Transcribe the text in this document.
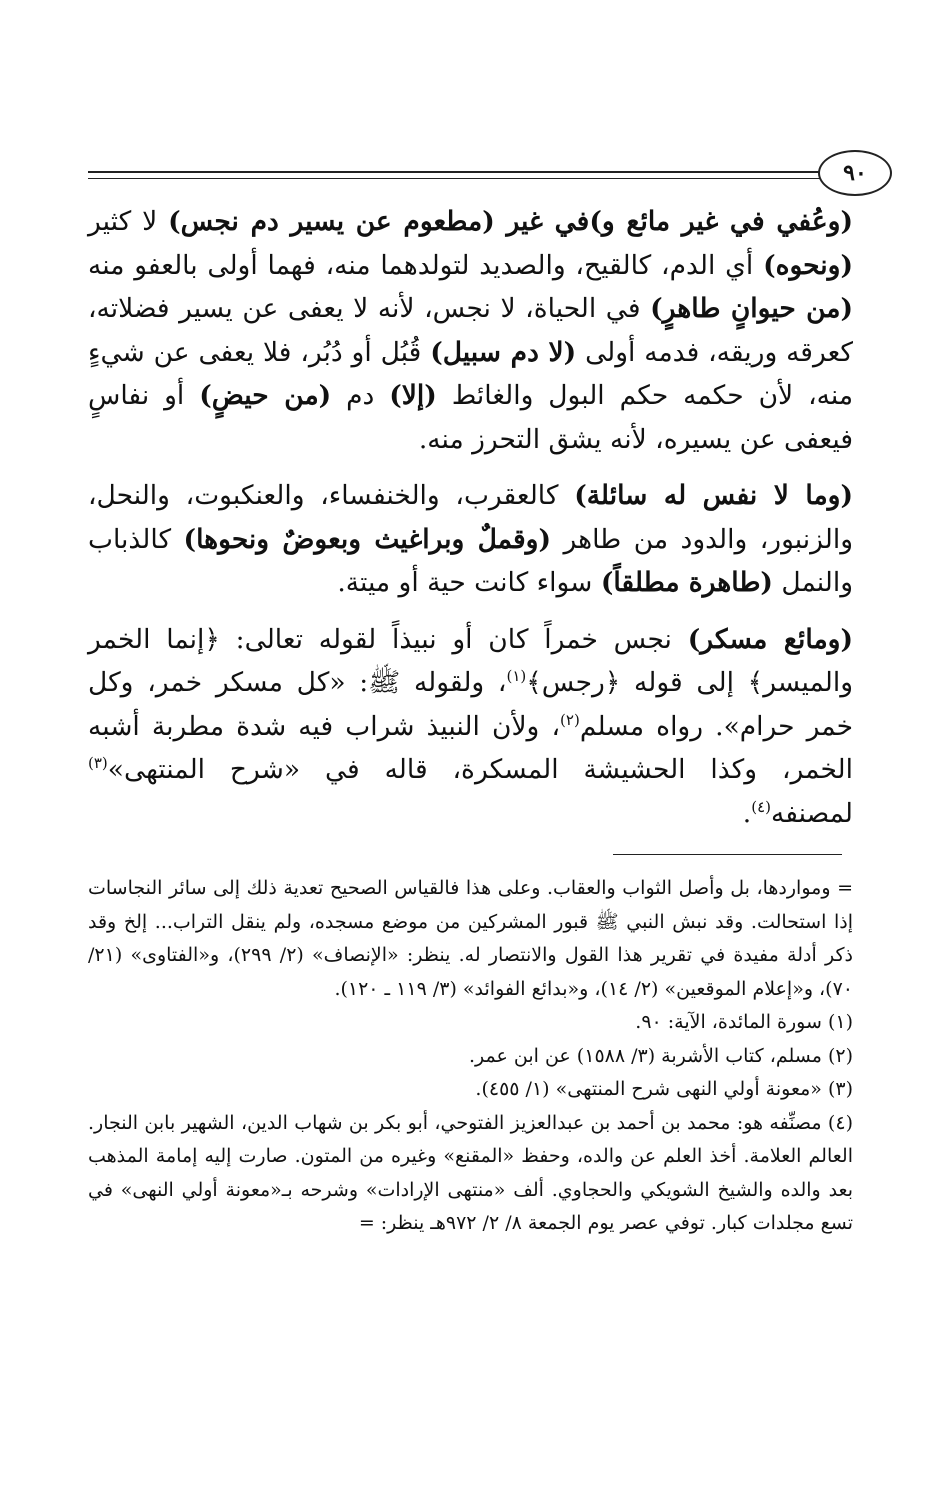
٩٠

(وعُفي في غير مائع و)في غير (مطعوم عن يسير دم نجس) لا كثير (ونحوه) أي الدم، كالقيح، والصديد لتولدهما منه، فهما أولى بالعفو منه (من حيوانٍ طاهرٍ) في الحياة، لا نجس، لأنه لا يعفى عن يسير فضلاته، كعرقه وريقه، فدمه أولى (لا دم سبيل) قُبُل أو دُبُر، فلا يعفى عن شيءٍ منه، لأن حكمه حكم البول والغائط (إلا) دم (من حيضٍ) أو نفاسٍ فيعفى عن يسيره، لأنه يشق التحرز منه.

(وما لا نفس له سائلة) كالعقرب، والخنفساء، والعنكبوت، والنحل، والزنبور، والدود من طاهر (وقملٌ وبراغيث وبعوضٌ ونحوها) كالذباب والنمل (طاهرة مطلقاً) سواء كانت حية أو ميتة.

(ومائع مسكر) نجس خمراً كان أو نبيذاً لقوله تعالى: ﴿إنما الخمر والميسر﴾ إلى قوله ﴿رجس﴾$^{(١)}$، ولقوله ﷺ: «كل مسكر خمر، وكل خمر حرام». رواه مسلم$^{(٢)}$، ولأن النبيذ شراب فيه شدة مطربة أشبه الخمر، وكذا الحشيشة المسكرة، قاله في «شرح المنتهى»$^{(٣)}$ لمصنفه$^{(٤)}$.

= ومواردها، بل وأصل الثواب والعقاب. وعلى هذا فالقياس الصحيح تعدية ذلك إلى سائر النجاسات إذا استحالت. وقد نبش النبي ﷺ قبور المشركين من موضع مسجده، ولم ينقل التراب... إلخ وقد ذكر أدلة مفيدة في تقرير هذا القول والانتصار له. ينظر: «الإنصاف» (٢/ ٢٩٩)، و«الفتاوى» (٢١/ ٧٠)، و«إعلام الموقعين» (٢/ ١٤)، و«بدائع الفوائد» (٣/ ١١٩ ـ ١٢٠).

(١) سورة المائدة، الآية: ٩٠.

(٢) مسلم، كتاب الأشربة (٣/ ١٥٨٨) عن ابن عمر.

(٣) «معونة أولي النهى شرح المنتهى» (١/ ٤٥٥).

(٤) مصنِّفه هو: محمد بن أحمد بن عبدالعزيز الفتوحي، أبو بكر بن شهاب الدين، الشهير بابن النجار. العالم العلامة. أخذ العلم عن والده، وحفظ «المقنع» وغيره من المتون. صارت إليه إمامة المذهب بعد والده والشيخ الشويكي والحجاوي. ألف «منتهى الإرادات» وشرحه بـ«معونة أولي النهى» في تسع مجلدات كبار. توفي عصر يوم الجمعة ٨/ ٢/ ٩٧٢هـ ينظر: =
